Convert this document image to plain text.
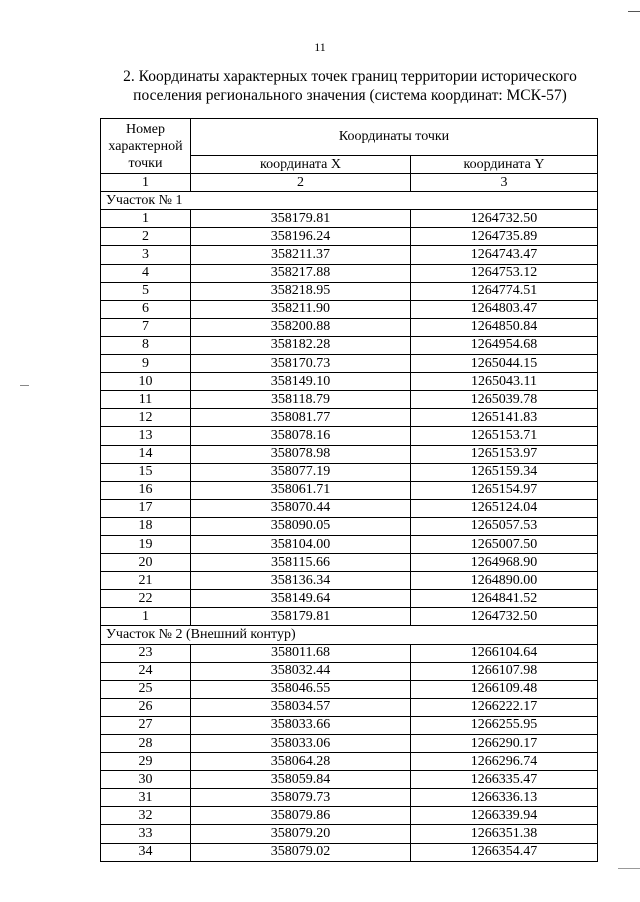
11
2. Координаты характерных точек границ территории исторического
поселения регионального значения (система координат: МСК-57)
Номер характерной точки	Координаты точки	
	координата X	координата Y
1	2	3
Участок № 1		
1	358179.81	1264732.50
2	358196.24	1264735.89
3	358211.37	1264743.47
4	358217.88	1264753.12
5	358218.95	1264774.51
6	358211.90	1264803.47
7	358200.88	1264850.84
8	358182.28	1264954.68
9	358170.73	1265044.15
10	358149.10	1265043.11
11	358118.79	1265039.78
12	358081.77	1265141.83
13	358078.16	1265153.71
14	358078.98	1265153.97
15	358077.19	1265159.34
16	358061.71	1265154.97
17	358070.44	1265124.04
18	358090.05	1265057.53
19	358104.00	1265007.50
20	358115.66	1264968.90
21	358136.34	1264890.00
22	358149.64	1264841.52
1	358179.81	1264732.50
Участок № 2 (Внешний контур)		
23	358011.68	1266104.64
24	358032.44	1266107.98
25	358046.55	1266109.48
26	358034.57	1266222.17
27	358033.66	1266255.95
28	358033.06	1266290.17
29	358064.28	1266296.74
30	358059.84	1266335.47
31	358079.73	1266336.13
32	358079.86	1266339.94
33	358079.20	1266351.38
34	358079.02	1266354.47
